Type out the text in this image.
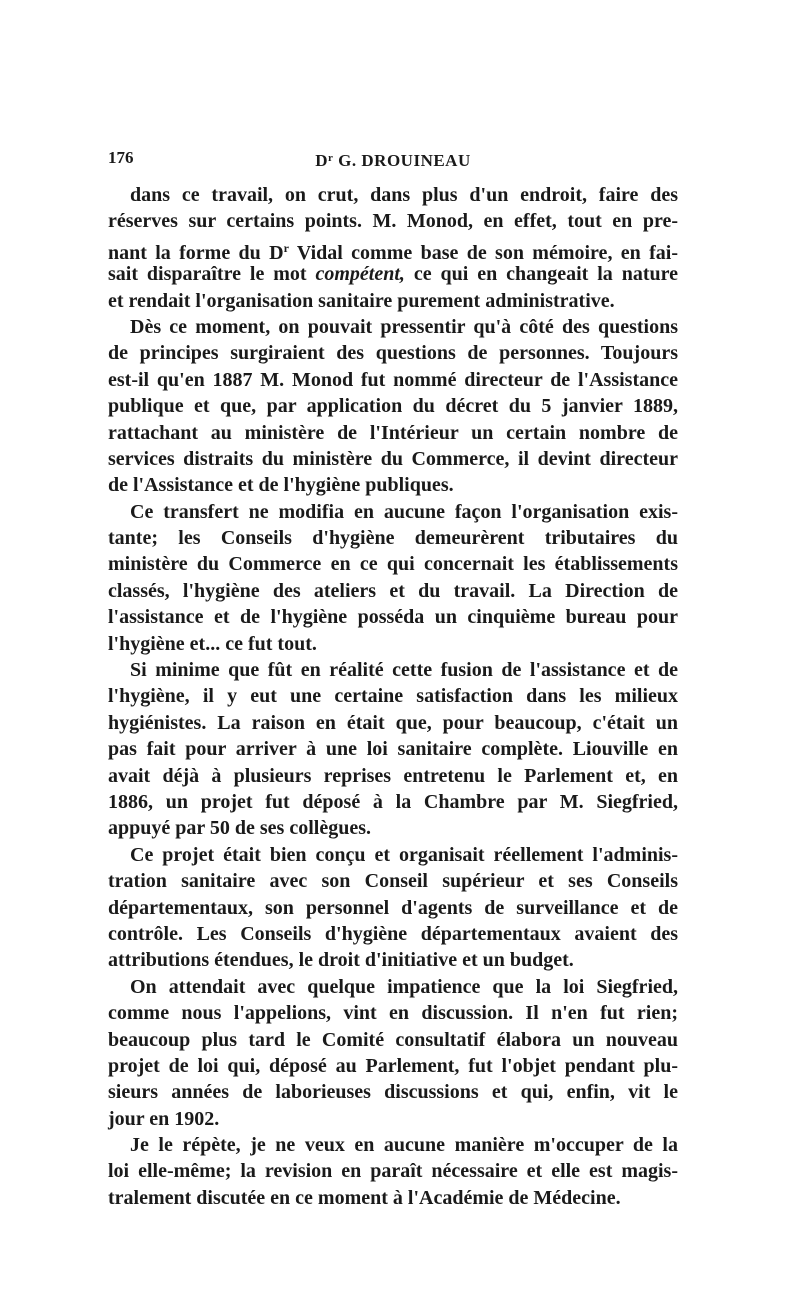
176	$D^r$ G. DROUINEAU
dans ce travail, on crut, dans plus d'un endroit, faire des
réserves sur certains points. M. Monod, en effet, tout en pre-
nant la forme du $D^r$ Vidal comme base de son mémoire, en fai-
sait disparaître le mot compétent, ce qui en changeait la nature
et rendait l'organisation sanitaire purement administrative.
Dès ce moment, on pouvait pressentir qu'à côté des questions
de principes surgiraient des questions de personnes. Toujours
est-il qu'en 1887 M. Monod fut nommé directeur de l'Assistance
publique et que, par application du décret du 5 janvier 1889,
rattachant au ministère de l'Intérieur un certain nombre de
services distraits du ministère du Commerce, il devint directeur
de l'Assistance et de l'hygiène publiques.
Ce transfert ne modifia en aucune façon l'organisation exis-
tante; les Conseils d'hygiène demeurèrent tributaires du
ministère du Commerce en ce qui concernait les établissements
classés, l'hygiène des ateliers et du travail. La Direction de
l'assistance et de l'hygiène posséda un cinquième bureau pour
l'hygiène et... ce fut tout.
Si minime que fût en réalité cette fusion de l'assistance et de
l'hygiène, il y eut une certaine satisfaction dans les milieux
hygiénistes. La raison en était que, pour beaucoup, c'était un
pas fait pour arriver à une loi sanitaire complète. Liouville en
avait déjà à plusieurs reprises entretenu le Parlement et, en
1886, un projet fut déposé à la Chambre par M. Siegfried,
appuyé par 50 de ses collègues.
Ce projet était bien conçu et organisait réellement l'adminis-
tration sanitaire avec son Conseil supérieur et ses Conseils
départementaux, son personnel d'agents de surveillance et de
contrôle. Les Conseils d'hygiène départementaux avaient des
attributions étendues, le droit d'initiative et un budget.
On attendait avec quelque impatience que la loi Siegfried,
comme nous l'appelions, vint en discussion. Il n'en fut rien;
beaucoup plus tard le Comité consultatif élabora un nouveau
projet de loi qui, déposé au Parlement, fut l'objet pendant plu-
sieurs années de laborieuses discussions et qui, enfin, vit le
jour en 1902.
Je le répète, je ne veux en aucune manière m'occuper de la
loi elle-même; la revision en paraît nécessaire et elle est magis-
tralement discutée en ce moment à l'Académie de Médecine.
